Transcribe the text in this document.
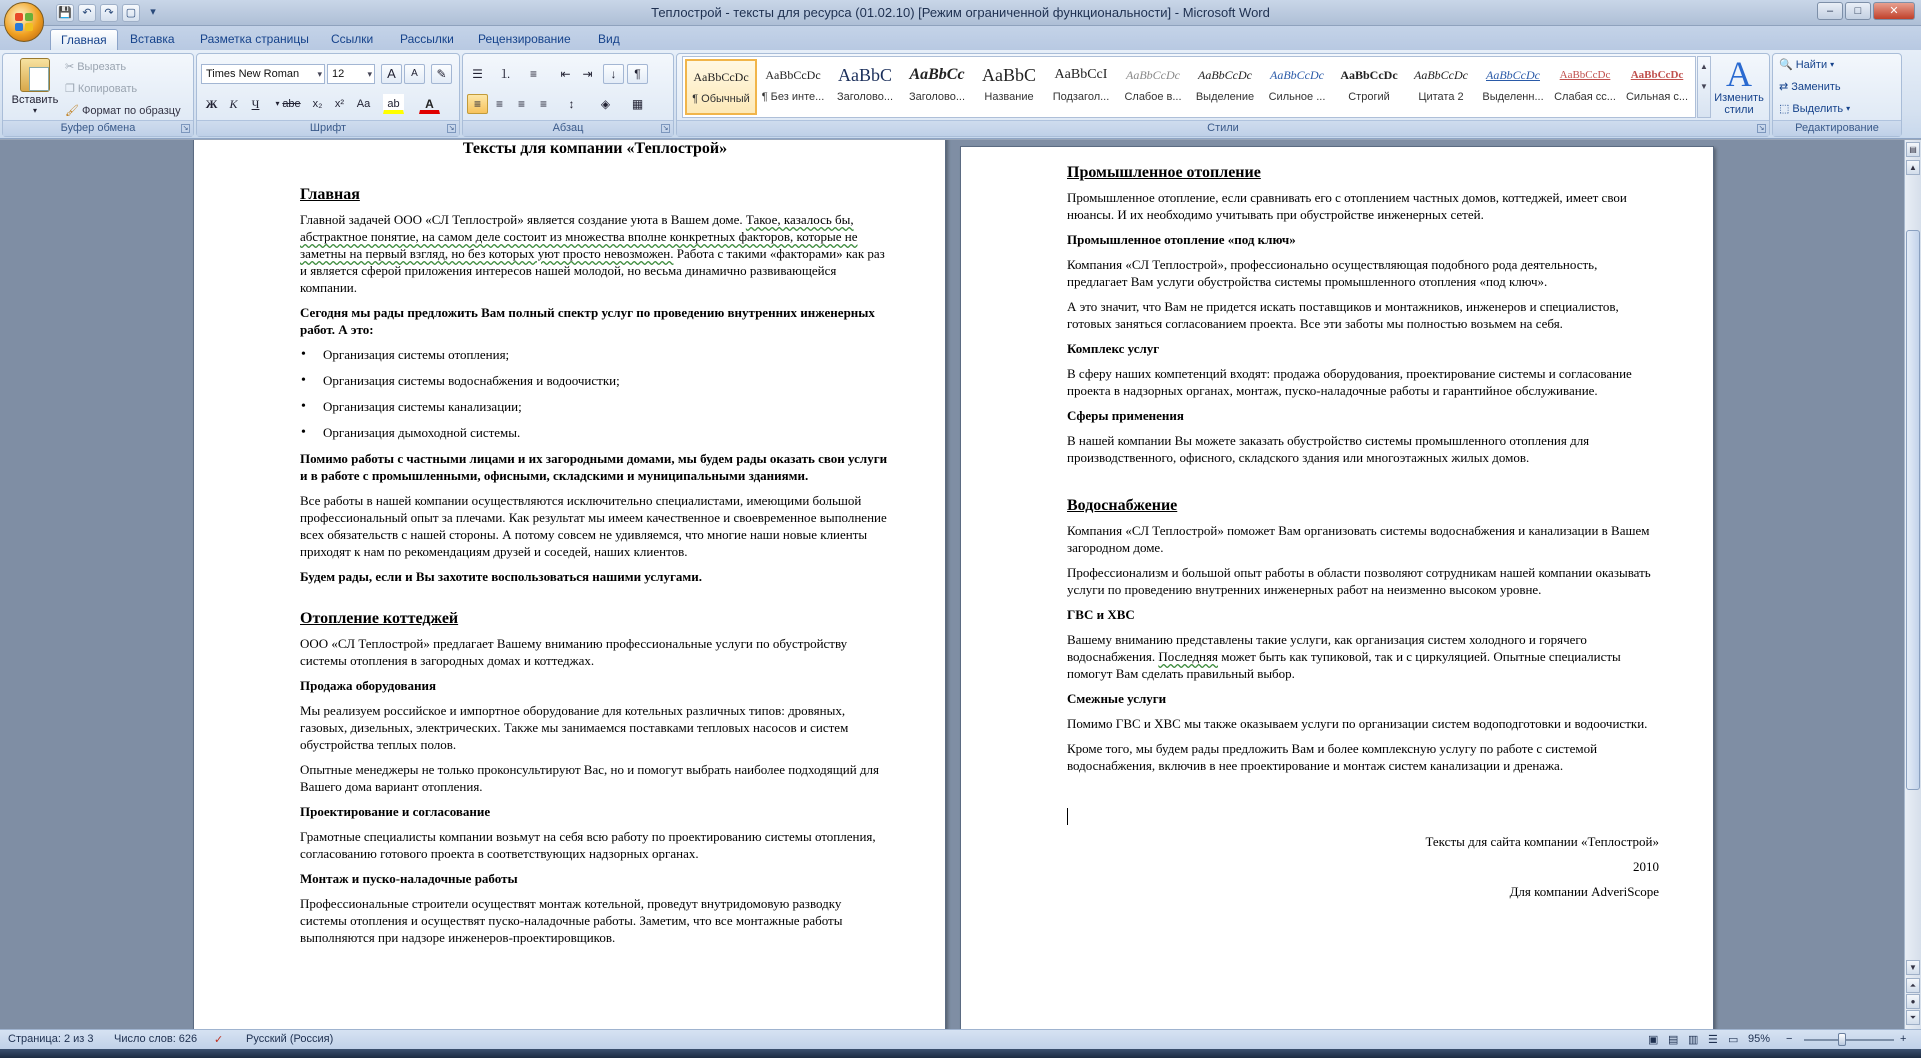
💾 ↶	↷	▢	▾	Теплострой - тексты для ресурса (01.02.10) [Режим ограниченной функциональности] - Microsoft Word	–	□	✕
Главная	Вставка	Разметка страницы	Ссылки	Рассылки	Рецензирование	Вид
Вставить
▾
✂ Вырезать
❐ Копировать
🖌 Формат по образцу
Буфер обмена	↘
Times New Roman ▾	12 ▾	A	A	✎
Ж	К	Ч	▾ abe	x₂	x²	Аа	ab	A
Шрифт	↘
☰	⒈	≡	⇤ ⇥	↓	¶
≡	≡	≡	≡	↕	◈	▦
Абзац	↘	Стили	↘
AaBbCcDc
¶ Обычный
AaBbCcDc
¶ Без инте...
AaBbC
Заголово...
AaBbCc
Заголово...
AaBbC
Название
AaBbCcI
Подзагол...
AaBbCcDc
Слабое в...
AaBbCcDc
Выделение
AaBbCcDc
Сильное ...
AaBbCcDc
Строгий
AaBbCcDc
Цитата 2
AaBbCcDc
Выделенн...
AaBbCcDc
Слабая сс...
AaBbCcDc
Сильная с...
▲
▼ A
Изменить стили
🔍 Найти ▾
⇄ Заменить
⬚ Выделить ▾
Редактирование
Тексты для компании «Теплострой»
Главная

Главной задачей ООО «СЛ Теплострой» является создание уюта в Вашем доме. Такое, казалось бы, абстрактное понятие, на самом деле состоит из множества вполне конкретных факторов, которые не заметны на первый взгляд, но без которых уют просто невозможен. Работа с такими «факторами» как раз и является сферой приложения интересов нашей молодой, но весьма динамично развивающейся компании.

Сегодня мы рады предложить Вам полный спектр услуг по проведению внутренних инженерных работ. А это:

• Организация системы отопления;
• Организация системы водоснабжения и водоочистки;
• Организация системы канализации;
• Организация дымоходной системы.

Помимо работы с частными лицами и их загородными домами, мы будем рады оказать свои услуги и в работе с промышленными, офисными, складскими и муниципальными зданиями.

Все работы в нашей компании осуществляются исключительно специалистами, имеющими большой профессиональный опыт за плечами. Как результат мы имеем качественное и своевременное выполнение всех обязательств с нашей стороны. А потому совсем не удивляемся, что многие наши новые клиенты приходят к нам по рекомендациям друзей и соседей, наших клиентов.

Будем рады, если и Вы захотите воспользоваться нашими услугами.

Отопление коттеджей

ООО «СЛ Теплострой» предлагает Вашему вниманию профессиональные услуги по обустройству системы отопления в загородных домах и коттеджах.

Продажа оборудования

Мы реализуем российское и импортное оборудование для котельных различных типов: дровяных, газовых, дизельных, электрических. Также мы занимаемся поставками тепловых насосов и систем обустройства теплых полов.

Опытные менеджеры не только проконсультируют Вас, но и помогут выбрать наиболее подходящий для Вашего дома вариант отопления.

Проектирование и согласование

Грамотные специалисты компании возьмут на себя всю работу по проектированию системы отопления, согласованию готового проекта в соответствующих надзорных органах.

Монтаж и пуско-наладочные работы

Профессиональные строители осуществят монтаж котельной, проведут внутридомовую разводку системы отопления и осуществят пуско-наладочные работы. Заметим, что все монтажные работы выполняются при надзоре инженеров-проектировщиков.

Промышленное отопление

Промышленное отопление, если сравнивать его с отоплением частных домов, коттеджей, имеет свои нюансы. И их необходимо учитывать при обустройстве инженерных сетей.

Промышленное отопление «под ключ»

Компания «СЛ Теплострой», профессионально осуществляющая подобного рода деятельность, предлагает Вам услуги обустройства системы промышленного отопления «под ключ».

А это значит, что Вам не придется искать поставщиков и монтажников, инженеров и специалистов, готовых заняться согласованием проекта. Все эти заботы мы полностью возьмем на себя.

Комплекс услуг

В сферу наших компетенций входят: продажа оборудования, проектирование системы и согласование проекта в надзорных органах, монтаж, пуско-наладочные работы и гарантийное обслуживание.

Сферы применения

В нашей компании Вы можете заказать обустройство системы промышленного отопления для производственного, офисного, складского здания или многоэтажных жилых домов.

Водоснабжение

Компания «СЛ Теплострой» поможет Вам организовать системы водоснабжения и канализации в Вашем загородном доме.

Профессионализм и большой опыт работы в области позволяют сотрудникам нашей компании оказывать услуги по проведению внутренних инженерных работ на неизменно высоком уровне.

ГВС и ХВС

Вашему вниманию представлены такие услуги, как организация систем холодного и горячего водоснабжения. Последняя может быть как тупиковой, так и с циркуляцией. Опытные специалисты помогут Вам сделать правильный выбор.

Смежные услуги

Помимо ГВС и ХВС мы также оказываем услуги по организации систем водоподготовки и водоочистки.

Кроме того, мы будем рады предложить Вам и более комплексную услугу по работе с системой водоснабжения, включив в нее проектирование и монтаж систем канализации и дренажа.

Тексты для сайта компании «Теплострой»

2010

Для компании AdveriScope

▤
▲
▼
⏶
●
⏷
Страница: 2 из 3 Число слов: 626 ✓ Русский (Россия)	▣ ▤ ▥ ☰ ▭ 95% −	+
